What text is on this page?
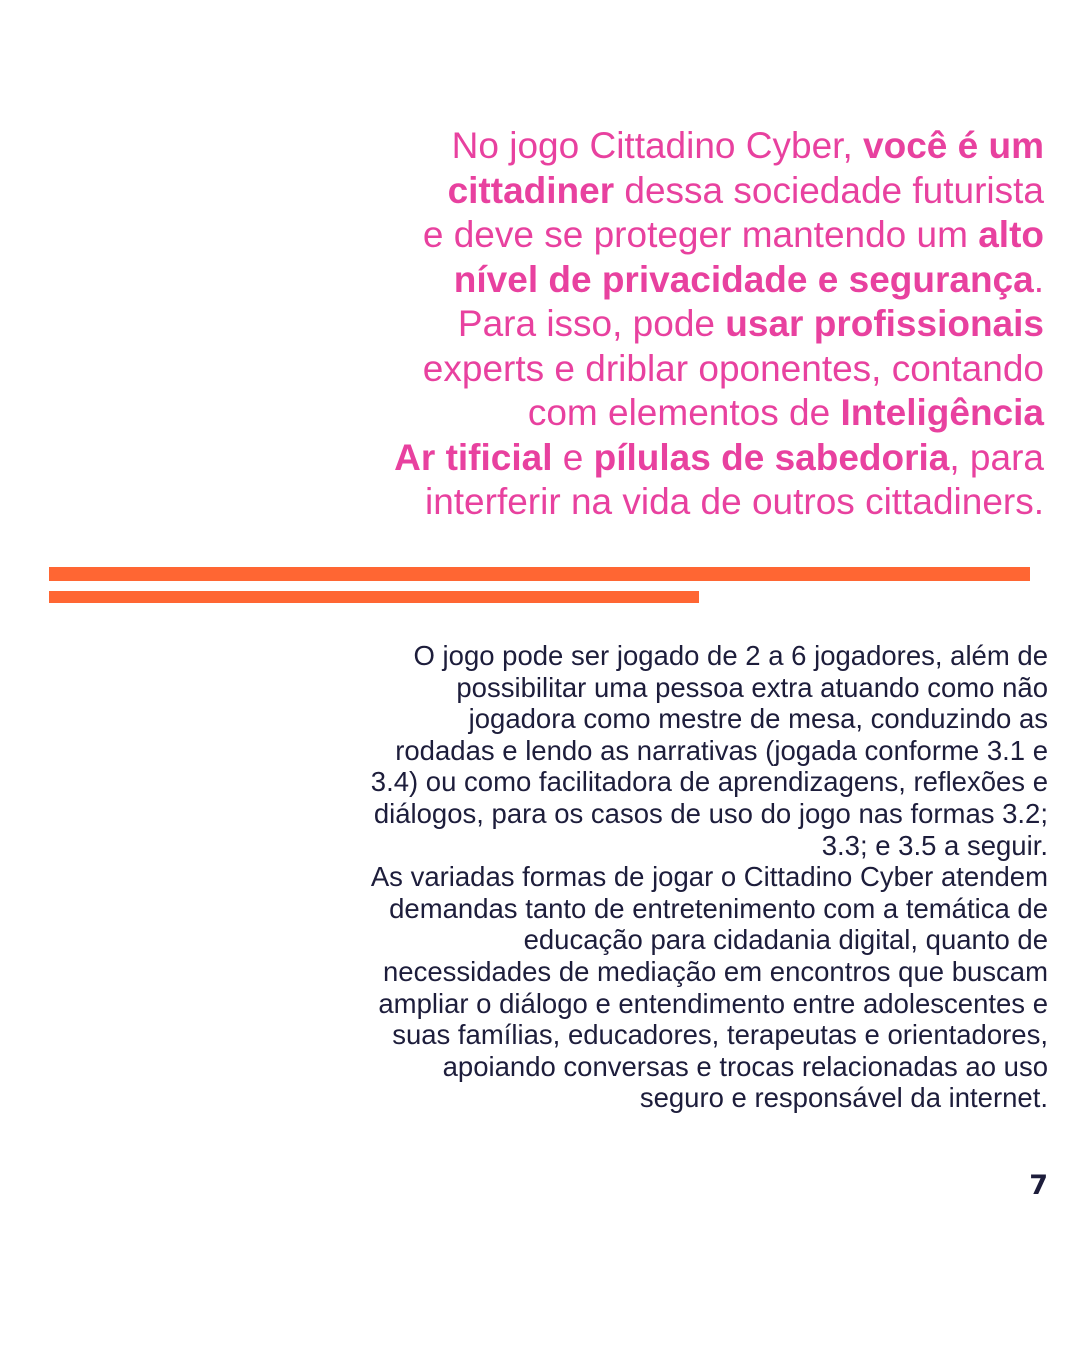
No jogo Cittadino Cyber, você é um
cittadiner dessa sociedade futurista
e deve se proteger mantendo um alto
nível de privacidade e segurança.
Para isso, pode usar profissionais
experts e driblar oponentes, contando
com elementos de Inteligência
Ar tificial e pílulas de sabedoria, para
interferir na vida de outros cittadiners.

O jogo pode ser jogado de 2 a 6 jogadores, além de
possibilitar uma pessoa extra atuando como não
jogadora como mestre de mesa, conduzindo as
rodadas e lendo as narrativas (jogada conforme 3.1 e
3.4) ou como facilitadora de aprendizagens, reflexões e
diálogos, para os casos de uso do jogo nas formas 3.2;
3.3; e 3.5 a seguir.
As variadas formas de jogar o Cittadino Cyber atendem
demandas tanto de entretenimento com a temática de
educação para cidadania digital, quanto de
necessidades de mediação em encontros que buscam
ampliar o diálogo e entendimento entre adolescentes e
suas famílias, educadores, terapeutas e orientadores,
apoiando conversas e trocas relacionadas ao uso
seguro e responsável da internet.

7
